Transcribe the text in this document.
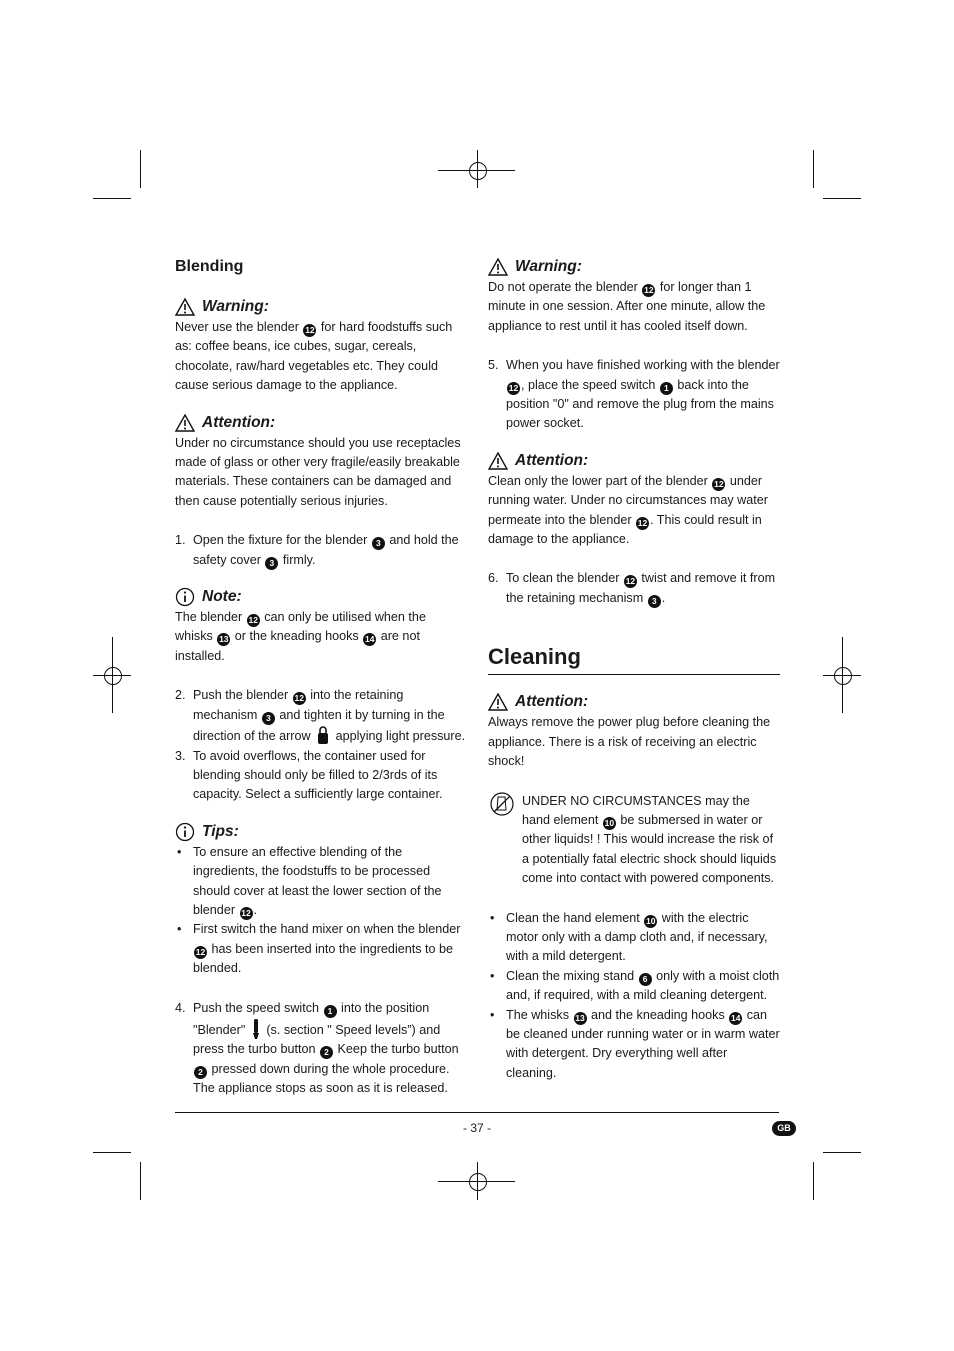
Blending
Warning:

Never use the blender 12 for hard foodstuffs such as: coffee beans, ice cubes, sugar, cereals, chocolate, raw/hard vegetables etc. They could cause serious damage to the appliance.

Attention:

Under no circumstance should you use receptacles made of glass or other very fragile/easily breakable materials. These containers can be damaged and then cause potentially serious injuries.

1. Open the fixture for the blender 3 and hold the safety cover 3 firmly.
Note:

The blender 12 can only be utilised when the whisks 13 or the kneading hooks 14 are not installed.

2. Push the blender 12 into the retaining mechanism 3 and tighten it by turning in the direction of the arrow  applying light pressure.
3. To avoid overflows, the container used for blending should only be filled to 2/3rds of its capacity. Select a sufficiently large container.
Tips:
• To ensure an effective blending of the ingredients, the foodstuffs to be processed should cover at least the lower section of the blender 12 .
• First switch the hand mixer on when the blender 12 has been inserted into the ingredients to be blended.
4. Push the speed switch 1 into the position "Blender"  (s. section " Speed levels”) and press the turbo button 2 Keep the turbo button 2 pressed down during the whole procedure. The appliance stops as soon as it is released.
Warning:

Do not operate the blender 12 for longer than 1 minute in one session. After one minute, allow the appliance to rest until it has cooled itself down.

5. When you have finished working with the blender 12 , place the speed switch 1 back into the position "0" and remove the plug from the mains power socket.
Attention:

Clean only the lower part of the blender 12 under running water. Under no circumstances may water permeate into the blender 12 . This could result in damage to the appliance.

6. To clean the blender 12 twist and remove it from the retaining mechanism 3 .
Cleaning
Attention:

Always remove the power plug before cleaning the appliance. There is a risk of receiving an electric shock!

UNDER NO CIRCUMSTANCES may the hand element 10 be submersed in water or other liquids! ! This would increase the risk of a potentially fatal electric shock should liquids come into contact with powered components.

• Clean the hand element 10 with the electric motor only with a damp cloth and, if necessary, with a mild detergent.
• Clean the mixing stand 6 only with a moist cloth and, if required, with a mild cleaning detergent.
• The whisks 13 and the kneading hooks 14 can be cleaned under running water or in warm water with detergent. Dry everything well after cleaning.
- 37 -	GB
